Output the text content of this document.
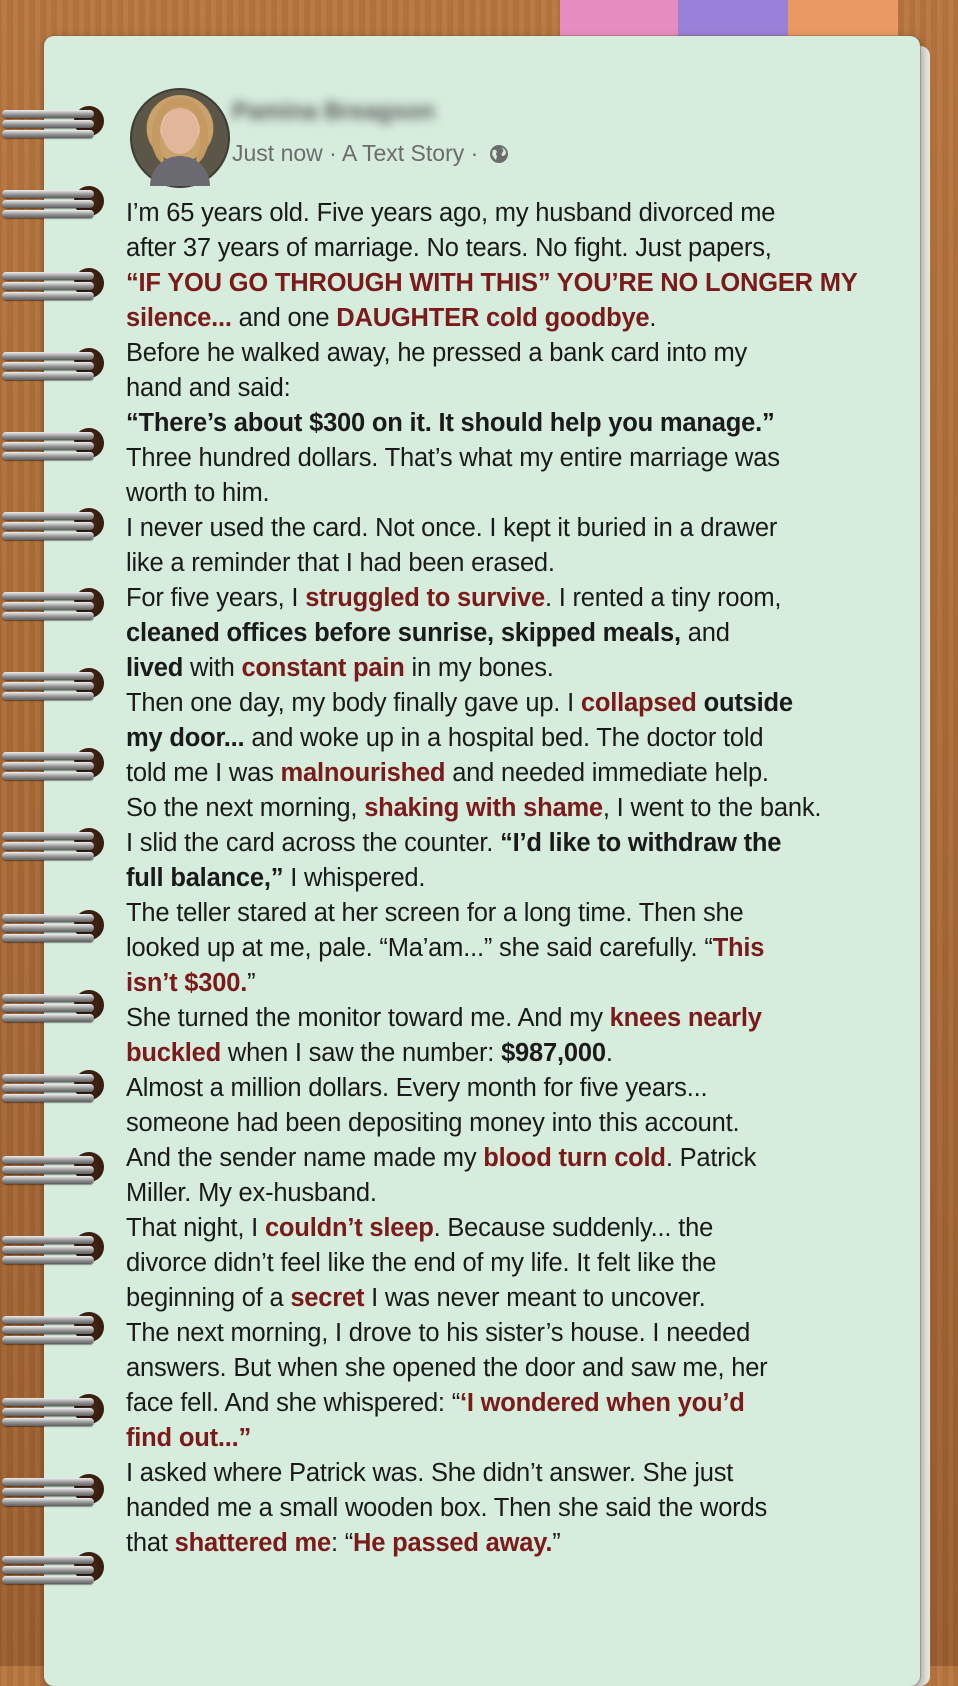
Pamina Breagson
Just now · A Text Story ·
I’m 65 years old. Five years ago, my husband divorced me
after 37 years of marriage. No tears. No fight. Just papers,
“IF YOU GO THROUGH WITH THIS” YOU’RE NO LONGER MY
silence... and one DAUGHTER cold goodbye.
Before he walked away, he pressed a bank card into my
hand and said:
“There’s about $300 on it. It should help you manage.”
Three hundred dollars. That’s what my entire marriage was
worth to him.
I never used the card. Not once. I kept it buried in a drawer
like a reminder that I had been erased.
For five years, I struggled to survive. I rented a tiny room,
cleaned offices before sunrise, skipped meals, and
lived with constant pain in my bones.
Then one day, my body finally gave up. I collapsed outside
my door... and woke up in a hospital bed. The doctor told
told me I was malnourished and needed immediate help.
So the next morning, shaking with shame, I went to the bank.
I slid the card across the counter. “I’d like to withdraw the
full balance,” I whispered.
The teller stared at her screen for a long time. Then she
looked up at me, pale. “Ma’am...” she said carefully. “This
isn’t $300.”
She turned the monitor toward me. And my knees nearly
buckled when I saw the number: $987,000.
Almost a million dollars. Every month for five years...
someone had been depositing money into this account.
And the sender name made my blood turn cold. Patrick
Miller. My ex-husband.
That night, I couldn’t sleep. Because suddenly... the
divorce didn’t feel like the end of my life. It felt like the
beginning of a secret I was never meant to uncover.
The next morning, I drove to his sister’s house. I needed
answers. But when she opened the door and saw me, her
face fell. And she whispered: “‘I wondered when you’d
find out...”
I asked where Patrick was. She didn’t answer. She just
handed me a small wooden box. Then she said the words
that shattered me: “He passed away.”
